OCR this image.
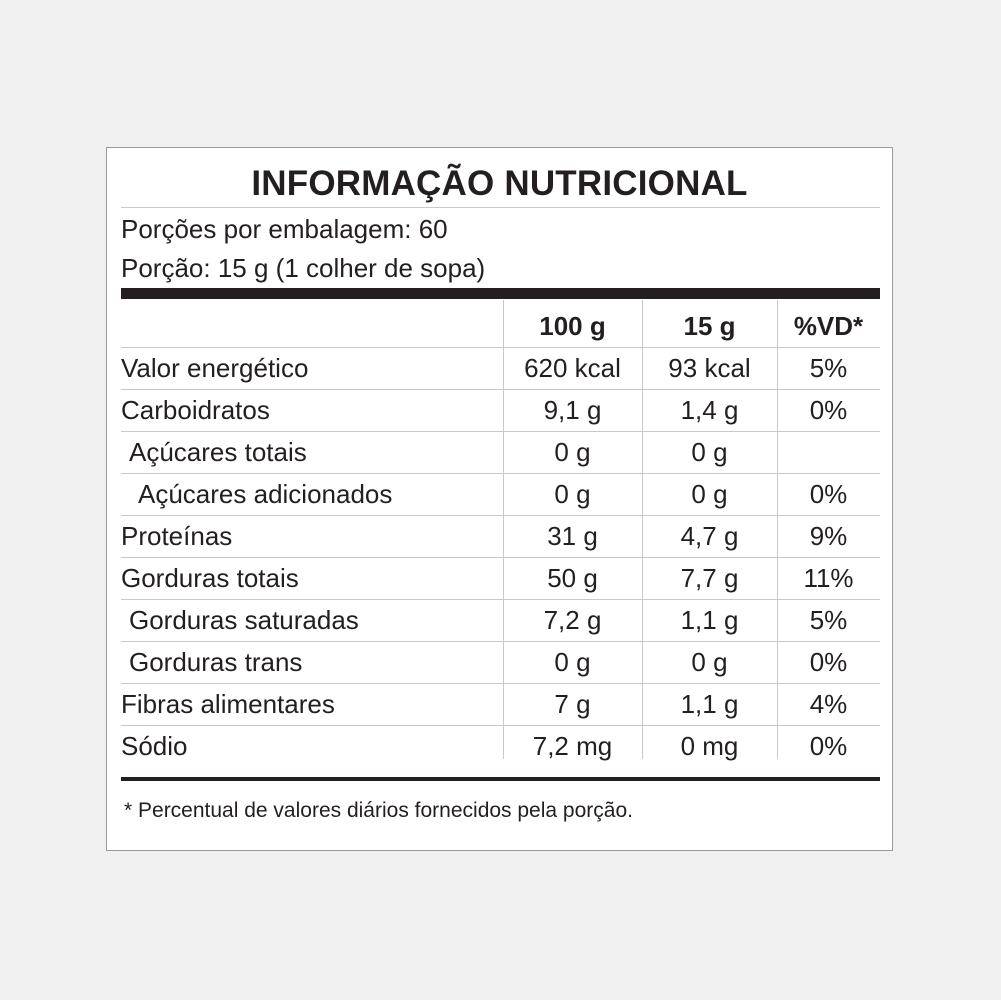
INFORMAÇÃO NUTRICIONAL
Porções por embalagem: 60
Porção: 15 g (1 colher de sopa)
	100 g	15 g	%VD*
Valor energético	620 kcal	93 kcal	5%
Carboidratos	9,1 g	1,4 g	0%
Açúcares totais	0 g	0 g	
Açúcares adicionados	0 g	0 g	0%
Proteínas	31 g	4,7 g	9%
Gorduras totais	50 g	7,7 g	11%
Gorduras saturadas	7,2 g	1,1 g	5%
Gorduras trans	0 g	0 g	0%
Fibras alimentares	7 g	1,1 g	4%
Sódio	7,2 mg	0 mg	0%
* Percentual de valores diários fornecidos pela porção.
